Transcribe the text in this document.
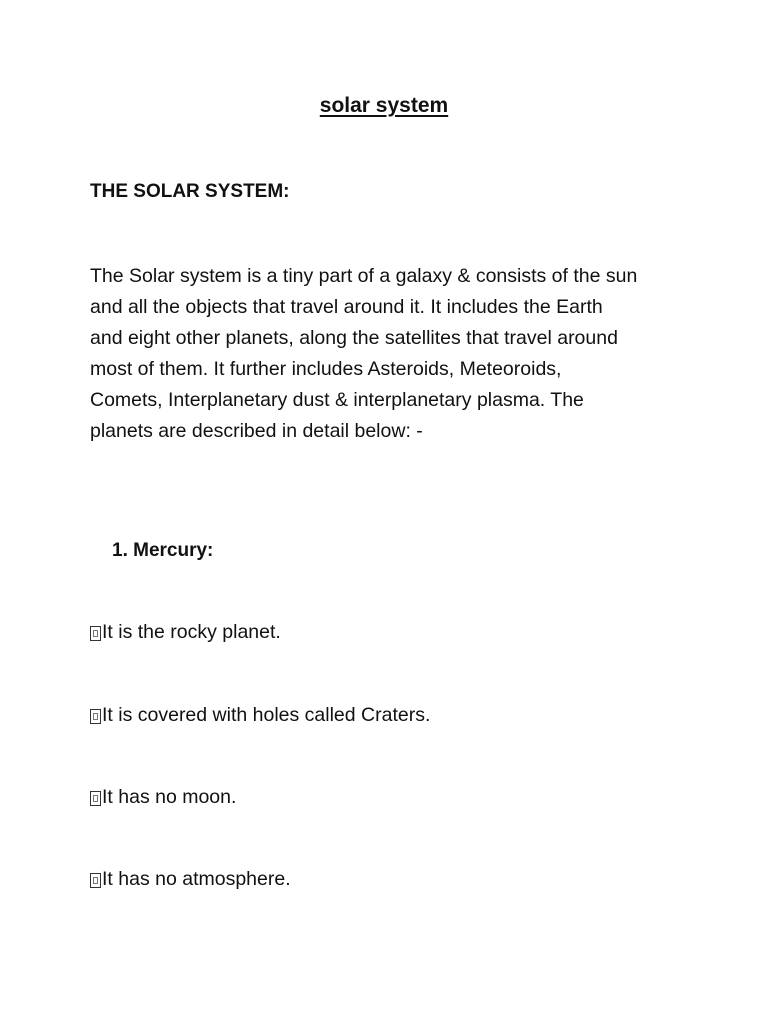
solar system
THE SOLAR SYSTEM:
The Solar system is a tiny part of a galaxy & consists of the sun
and all the objects that travel around it. It includes the Earth
and eight other planets, along the satellites that travel around
most of them. It further includes Asteroids, Meteoroids,
Comets, Interplanetary dust & interplanetary plasma. The
planets are described in detail below: -
1. Mercury:
It is the rocky planet.
It is covered with holes called Craters.
It has no moon.
It has no atmosphere.
